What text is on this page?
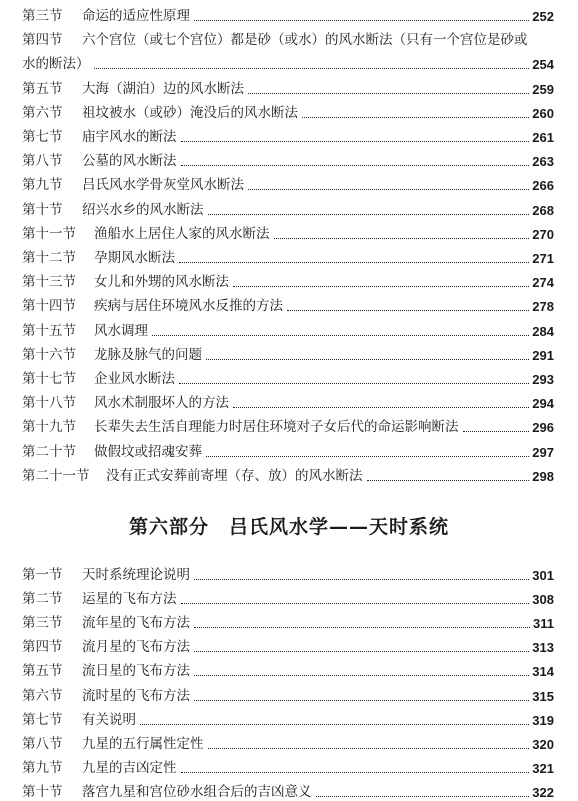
第三节	命运的适应性原理	252
第四节 六个宫位（或七个宫位）都是砂（或水）的风水断法（只有一个宫位是砂或
水的断法）	254
第五节	大海（湖泊）边的风水断法	259
第六节	祖坟被水（或砂）淹没后的风水断法	260
第七节	庙宇风水的断法	261
第八节	公墓的风水断法	263
第九节	吕氏风水学骨灰堂风水断法	266
第十节	绍兴水乡的风水断法	268
第十一节	渔船水上居住人家的风水断法	270
第十二节	孕期风水断法	271
第十三节	女儿和外甥的风水断法	274
第十四节	疾病与居住环境风水反推的方法	278
第十五节	风水调理	284
第十六节	龙脉及脉气的问题	291
第十七节	企业风水断法	293
第十八节	风水术制服坏人的方法	294
第十九节	长辈失去生活自理能力时居住环境对子女后代的命运影响断法	296
第二十节	做假坟或招魂安葬	297
第二十一节	没有正式安葬前寄埋（存、放）的风水断法	298
第六部分　吕氏风水学——天时系统
第一节	天时系统理论说明	301
第二节	运星的飞布方法	308
第三节	流年星的飞布方法	311
第四节	流月星的飞布方法	313
第五节	流日星的飞布方法	314
第六节	流时星的飞布方法	315
第七节	有关说明	319
第八节	九星的五行属性定性	320
第九节	九星的吉凶定性	321
第十节	落宫九星和宫位砂水组合后的吉凶意义	322
